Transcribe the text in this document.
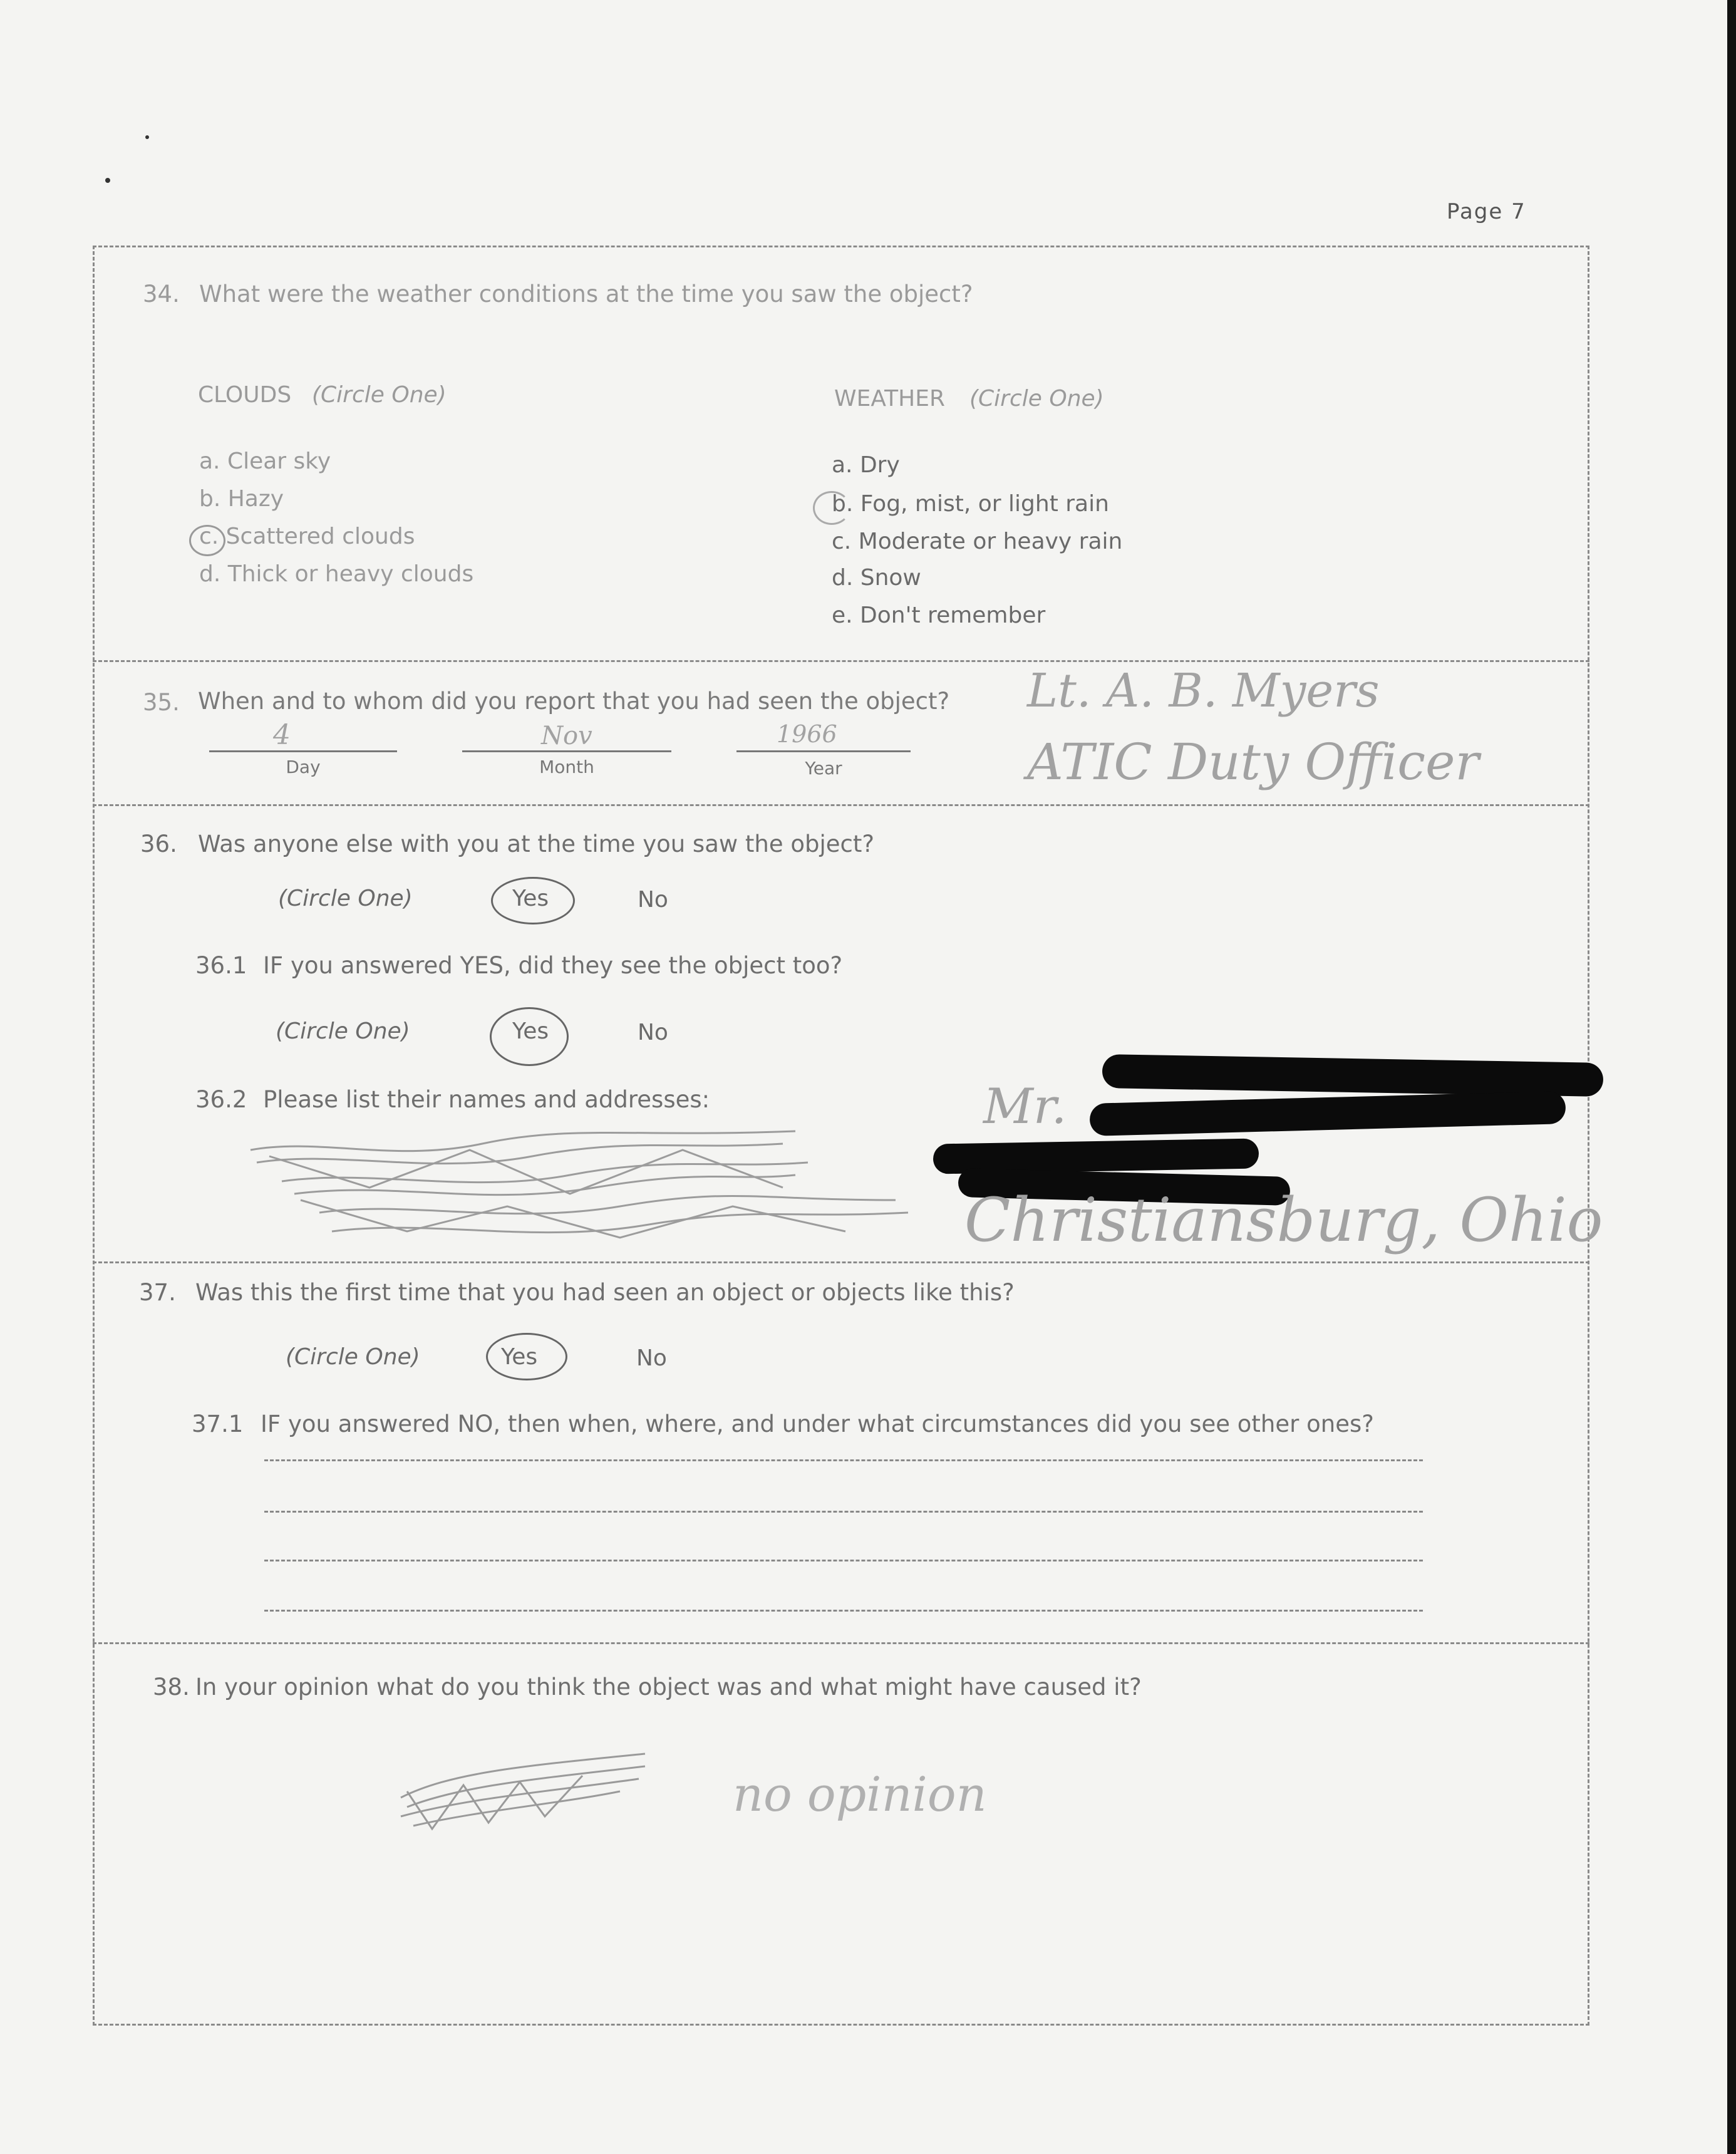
Page 7
34. What were the weather conditions at the time you saw the object?
CLOUDS (Circle One)
a. Clear sky
b. Hazy
c. Scattered clouds
d. Thick or heavy clouds
WEATHER (Circle One)
a. Dry
b. Fog, mist, or light rain
c. Moderate or heavy rain
d. Snow
e. Don't remember
35. When and to whom did you report that you had seen the object?
4
Day
Nov
Month
1966
Year
Lt. A. B. Myers
ATIC Duty Officer
36. Was anyone else with you at the time you saw the object?
(Circle One)	Yes	No
36.1 IF you answered YES, did they see the object too?
(Circle One)	Yes	No
36.2 Please list their names and addresses:	Mr.
Christiansburg, Ohio
37. Was this the first time that you had seen an object or objects like this?
(Circle One)	Yes	No
37.1 IF you answered NO, then when, where, and under what circumstances did you see other ones?
38. In your opinion what do you think the object was and what might have caused it?
no opinion
